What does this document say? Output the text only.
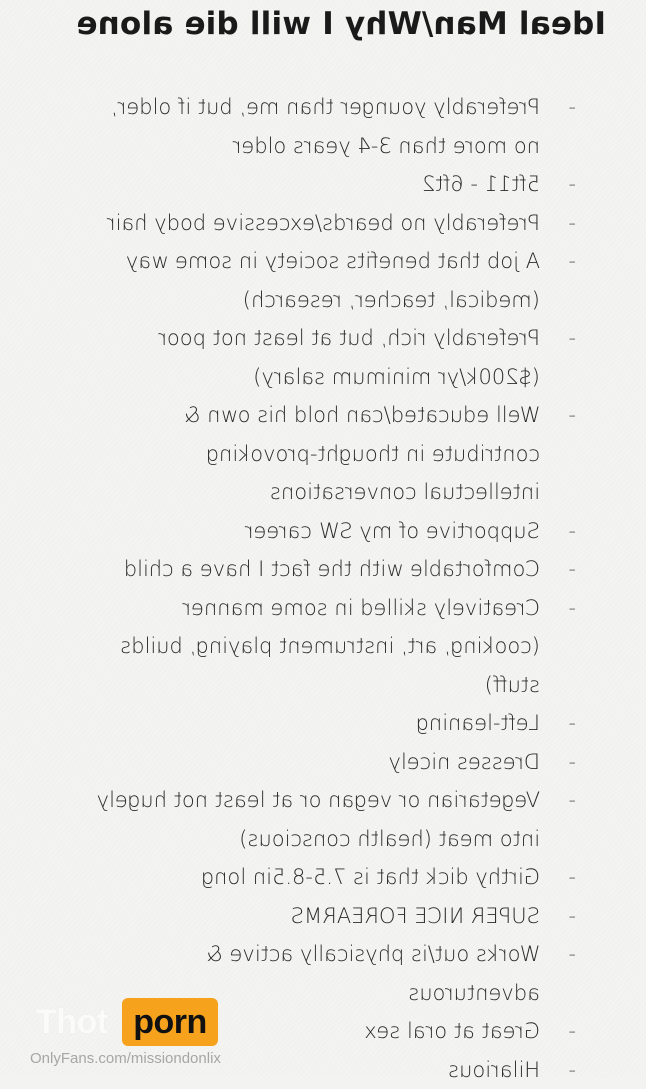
Ideal Man/Why I will die alone
-
Preferably younger than me, but if older,
no more than 3-4 years older
-
5ft11 - 6ft2
-
Preferably no beards/excessive body hair
-
A job that benefits society in some way
(medical, teacher, research)
-
Preferably rich, but at least not poor
($200k/yr minimum salary)
-
Well educated/can hold his own &
contribute in thought-provoking
intellectual conversations
-
Supportive of my SW career
-
Comfortable with the fact I have a child
-
Creatively skilled in some manner
(cooking, art, instrument playing, builds
stuff)
-
Left-leaning
-
Dresses nicely
-
Vegetarian or vegan or at least not hugely
into meat (health conscious)
-
Girthy dick that is 7.5-8.5in long
-
SUPER NICE FOREARMS
-
Works out/is physically active &
adventurous
-
Great at oral sex
-
Hilarious
Thot porn
OnlyFans.com/missiondonlix
